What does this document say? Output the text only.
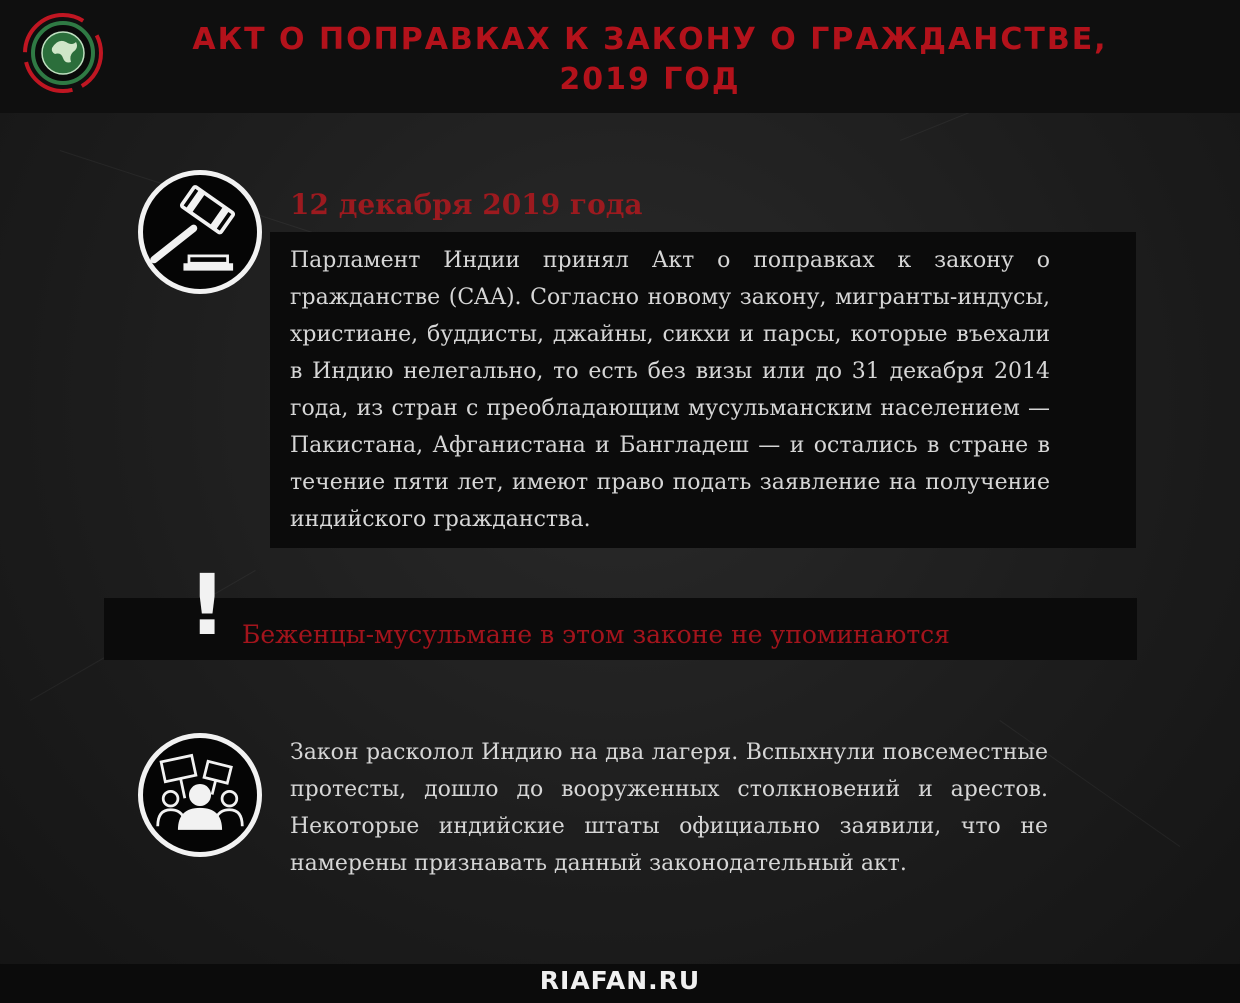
АКТ О ПОПРАВКАХ К ЗАКОНУ О ГРАЖДАНСТВЕ,
2019 ГОД
12 декабря 2019 года
Парламент Индии принял Акт о поправках к закону о гражданстве (CAA). Согласно новому закону, мигранты-индусы, христиане, буддисты, джайны, сикхи и парсы, которые въехали в Индию нелегально, то есть без визы или до 31 декабря 2014 года, из стран с преобладающим мусульманским населением — Пакистана, Афганистана и Бангладеш — и остались в стране в течение пяти лет, имеют право подать заявление на получение индийского гражданства.
! Беженцы-мусульмане в этом законе не упоминаются
Закон расколол Индию на два лагеря. Вспыхнули повсеместные протесты, дошло до вооруженных столкновений и арестов. Некоторые индийские штаты официально заявили, что не намерены признавать данный законодательный акт.
RIAFAN.RU
